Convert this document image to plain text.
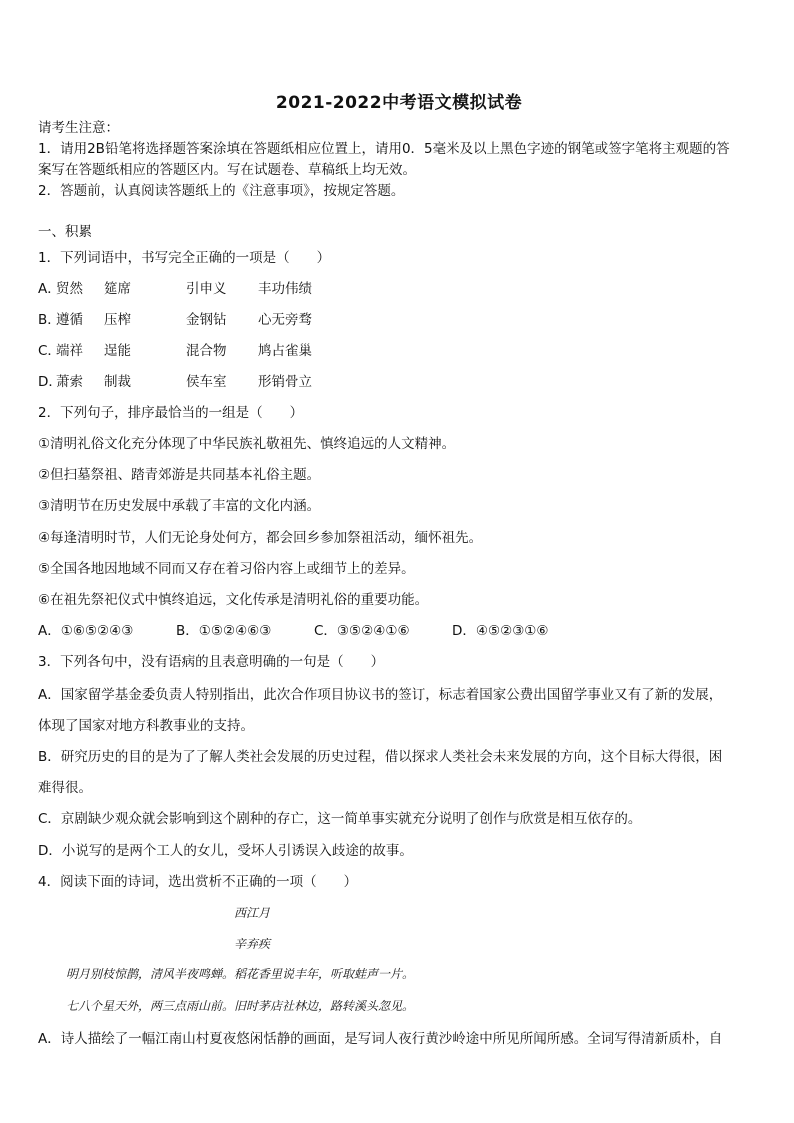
2021-2022中考语文模拟试卷
请考生注意：
1．请用2B铅笔将选择题答案涂填在答题纸相应位置上，请用0．5毫米及以上黑色字迹的钢笔或签字笔将主观题的答
案写在答题纸相应的答题区内。写在试题卷、草稿纸上均无效。
2．答题前，认真阅读答题纸上的《注意事项》，按规定答题。
一、积累
1．下列词语中，书写完全正确的一项是（　　）
A．贸然 筵席	引申义 丰功伟绩
B．遵循 压榨	金钢钻 心无旁骛
C．端祥 逞能	混合物 鸠占雀巢
D．萧索 制裁	侯车室 形销骨立
2．下列句子，排序最恰当的一组是（　　）
①清明礼俗文化充分体现了中华民族礼敬祖先、慎终追远的人文精神。
②但扫墓祭祖、踏青郊游是共同基本礼俗主题。
③清明节在历史发展中承载了丰富的文化内涵。
④每逢清明时节，人们无论身处何方，都会回乡参加祭祖活动，缅怀祖先。
⑤全国各地因地域不同而又存在着习俗内容上或细节上的差异。
⑥在祖先祭祀仪式中慎终追远，文化传承是清明礼俗的重要功能。
A．①⑥⑤②④③	B．①⑤②④⑥③	C．③⑤②④①⑥	D．④⑤②③①⑥
3．下列各句中，没有语病的且表意明确的一句是（　　）
A．国家留学基金委负责人特别指出，此次合作项目协议书的签订，标志着国家公费出国留学事业又有了新的发展，
体现了国家对地方科教事业的支持。
B．研究历史的目的是为了了解人类社会发展的历史过程，借以探求人类社会未来发展的方向，这个目标大得很，困
难得很。
C．京剧缺少观众就会影响到这个剧种的存亡，这一简单事实就充分说明了创作与欣赏是相互依存的。
D．小说写的是两个工人的女儿，受坏人引诱误入歧途的故事。
4．阅读下面的诗词，选出赏析不正确的一项（　　）
西江月
辛弃疾
明月别枝惊鹊，清风半夜鸣蝉。稻花香里说丰年，听取蛙声一片。
七八个星天外，两三点雨山前。旧时茅店社林边，路转溪头忽见。
A．诗人描绘了一幅江南山村夏夜悠闲恬静的画面，是写词人夜行黄沙岭途中所见所闻所感。全词写得清新质朴，自
